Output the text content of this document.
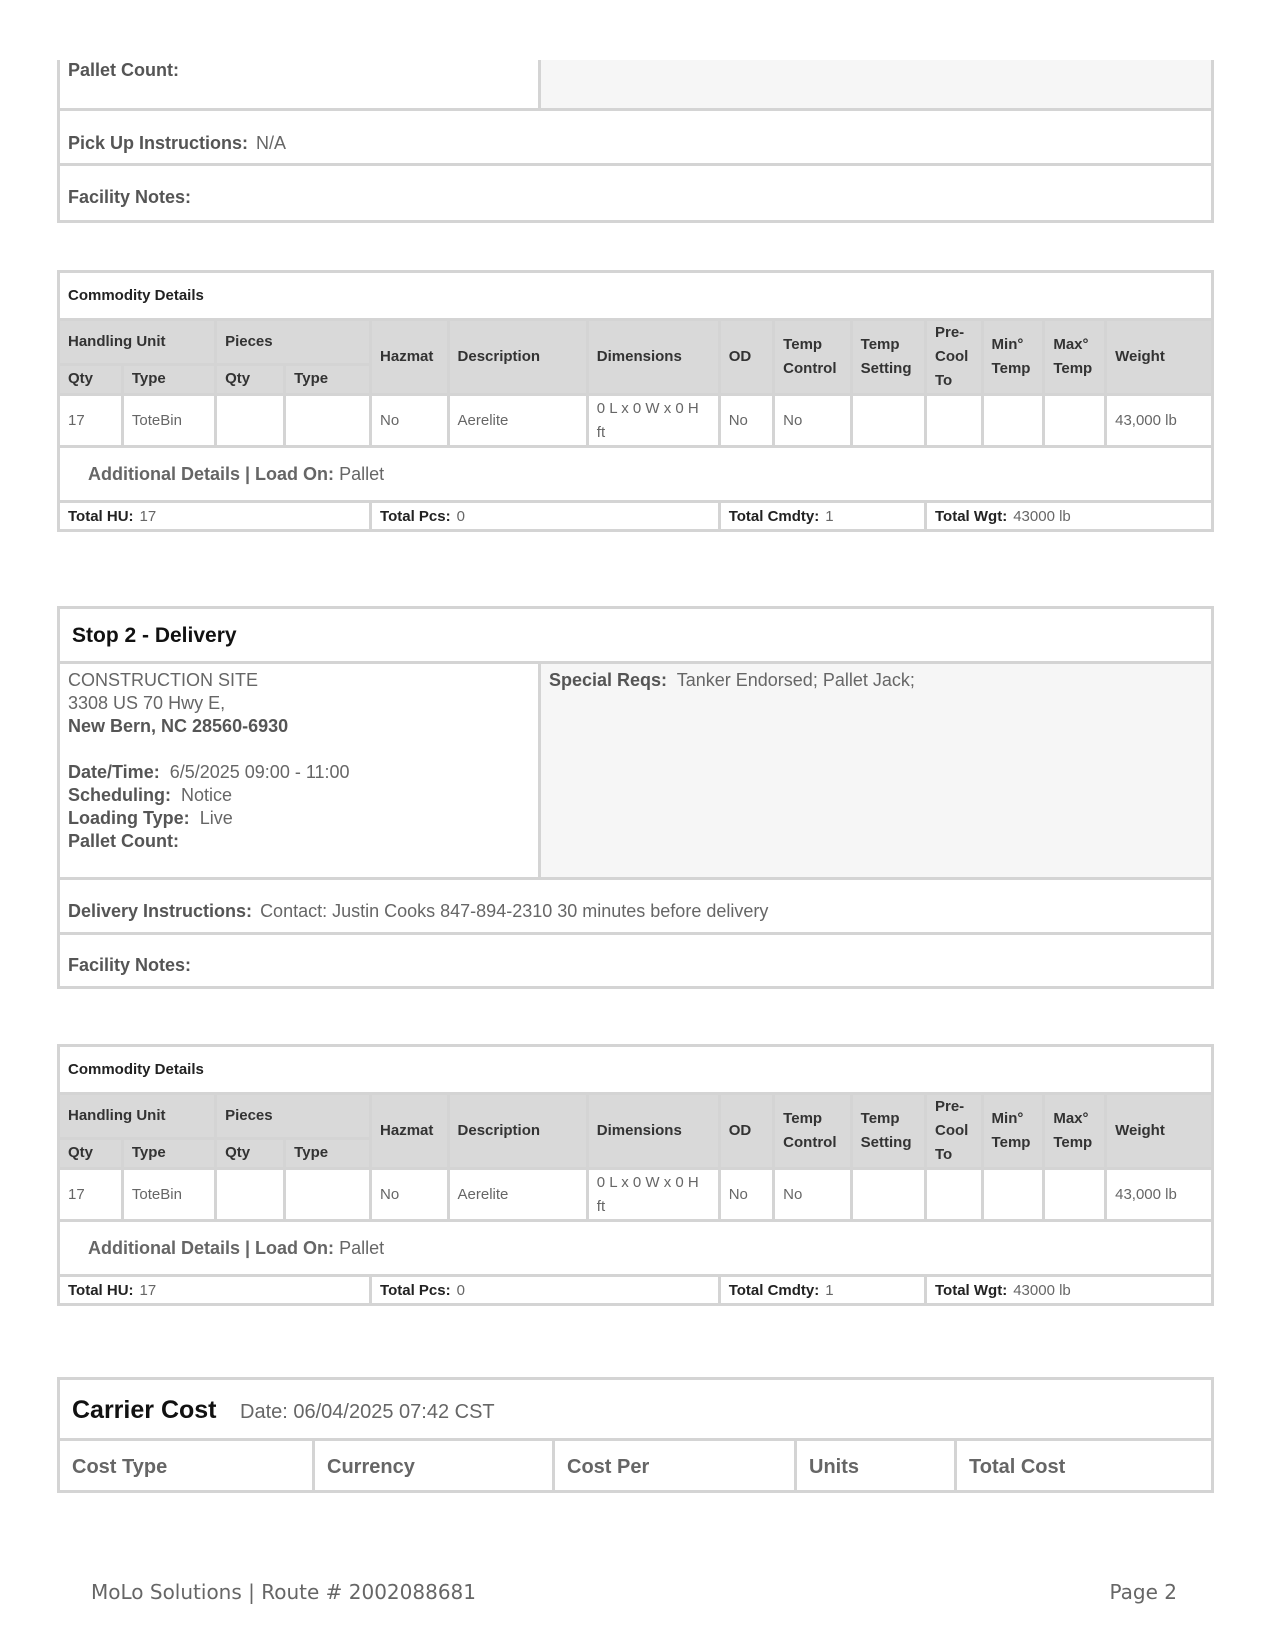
Pallet Count:
Pick Up Instructions: N/A
Facility Notes:
Commodity Details													
Handling Unit		Pieces		Hazmat	Description	Dimensions	OD	Temp Control	Temp Setting	Pre-Cool To	Min° Temp	Max° Temp	Weight
Qty	Type	Qty	Type										
17	ToteBin			No	Aerelite	0 L x 0 W x 0 H ft	No	No					43,000 lb
Additional Details | Load On: Pallet													
Total HU: 17				Total Pcs: 0			Total Cmdty: 1			Total Wgt: 43000 lb			
Stop 2 - Delivery
CONSTRUCTION SITE
3308 US 70 Hwy E,
New Bern, NC 28560-6930
Date/Time: 6/5/2025 09:00 - 11:00
Scheduling: Notice
Loading Type: Live
Pallet Count:
Special Reqs: Tanker Endorsed; Pallet Jack;
Delivery Instructions: Contact: Justin Cooks 847-894-2310 30 minutes before delivery
Facility Notes:
Commodity Details													
Handling Unit		Pieces		Hazmat	Description	Dimensions	OD	Temp Control	Temp Setting	Pre-Cool To	Min° Temp	Max° Temp	Weight
Qty	Type	Qty	Type										
17	ToteBin			No	Aerelite	0 L x 0 W x 0 H ft	No	No					43,000 lb
Additional Details | Load On: Pallet													
Total HU: 17				Total Pcs: 0			Total Cmdty: 1			Total Wgt: 43000 lb			
Carrier Cost Date: 06/04/2025 07:42 CST
Cost Type	Currency	Cost Per	Units	Total Cost
MoLo Solutions | Route # 2002088681	Page 2
